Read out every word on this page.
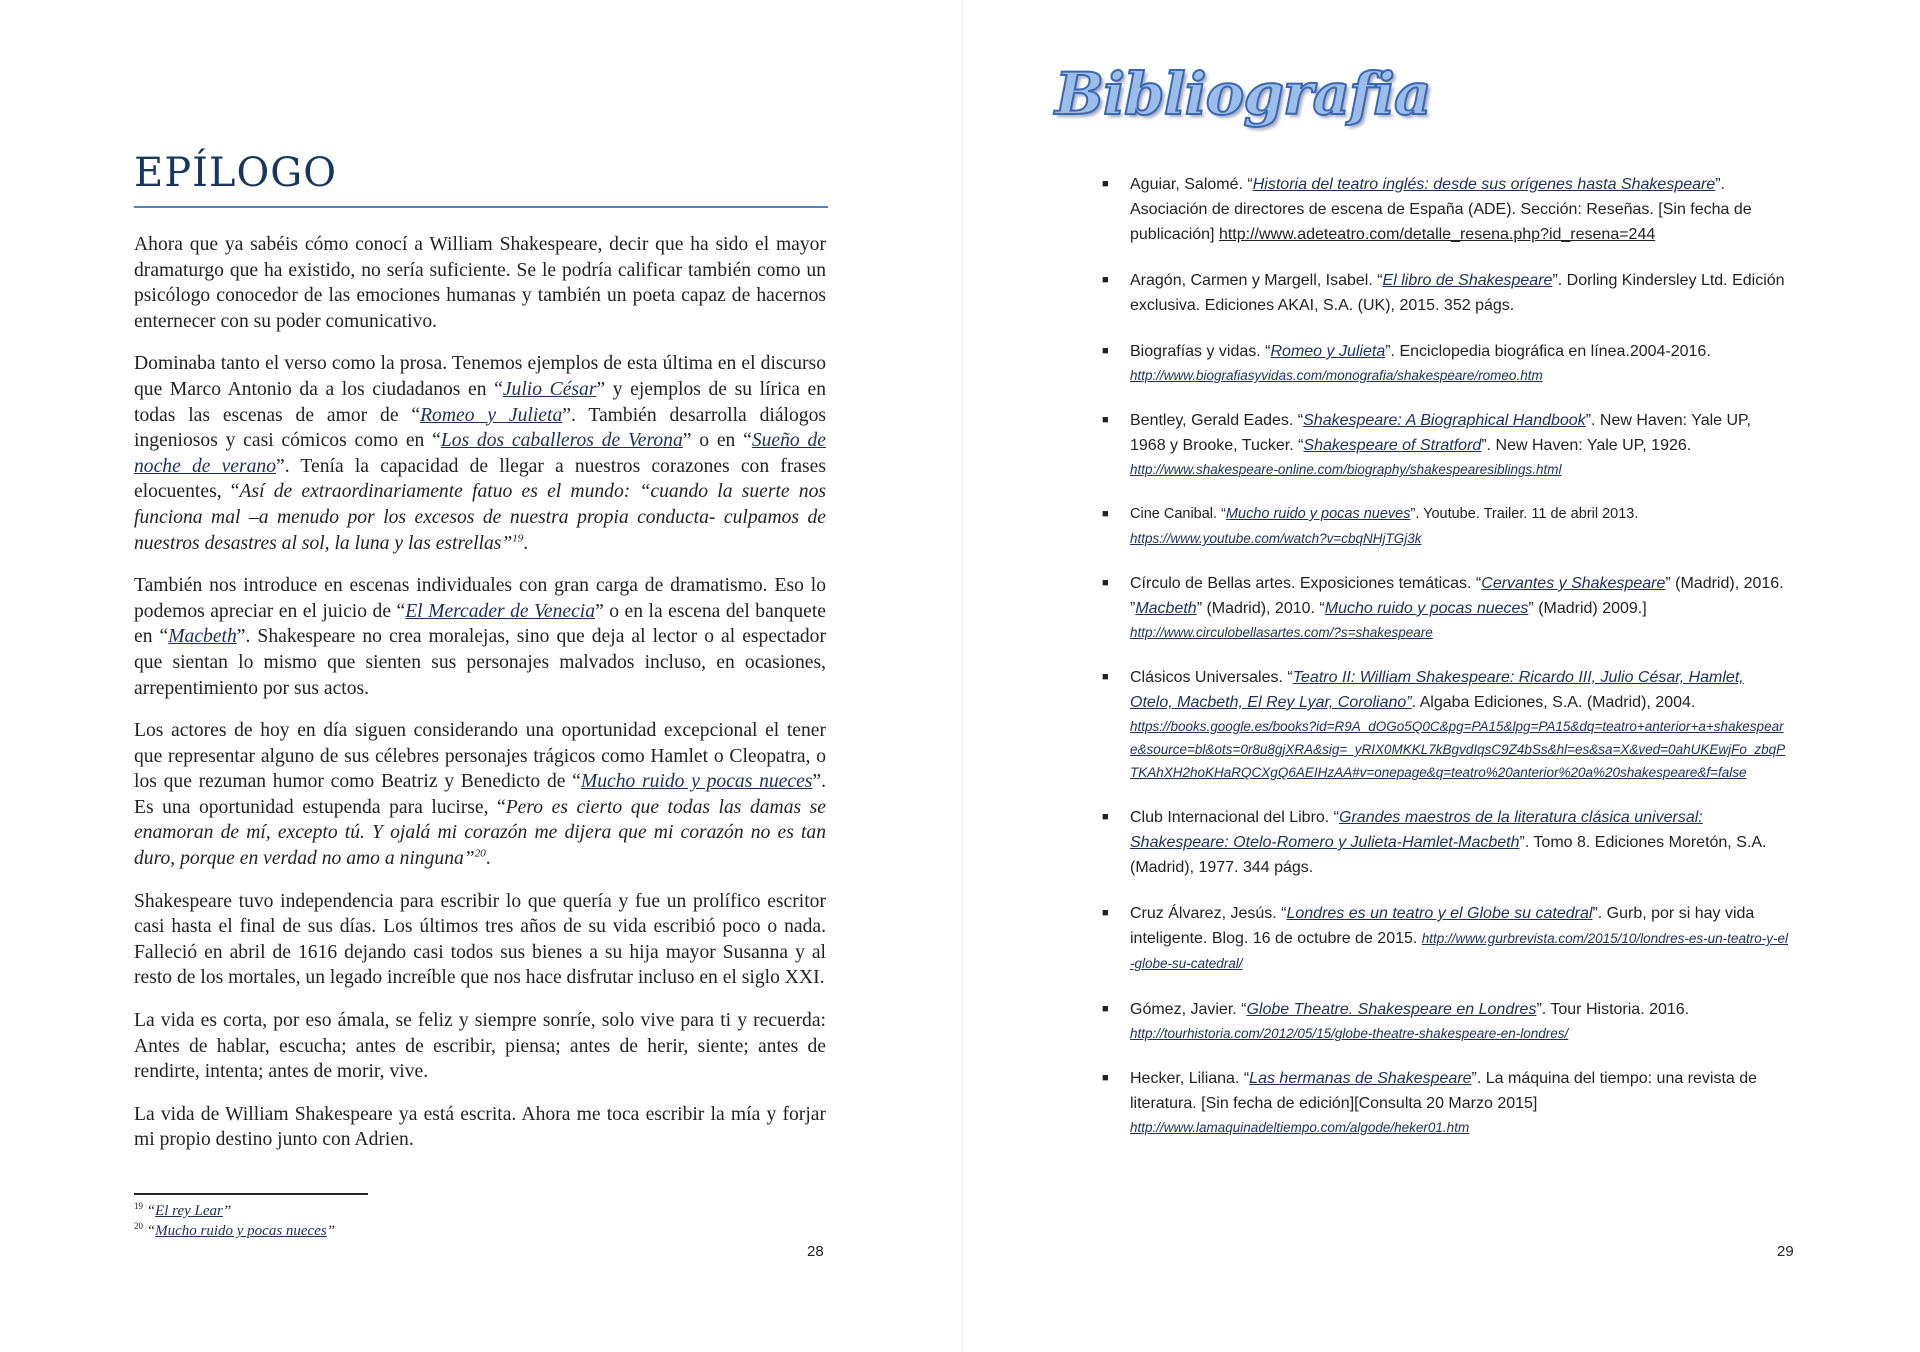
EPÍLOGO

Ahora que ya sabéis cómo conocí a William Shakespeare, decir que ha sido el mayor dramaturgo que ha existido, no sería suficiente. Se le podría calificar también como un psicólogo conocedor de las emociones humanas y también un poeta capaz de hacernos enternecer con su poder comunicativo.

Dominaba tanto el verso como la prosa. Tenemos ejemplos de esta última en el discurso que Marco Antonio da a los ciudadanos en “Julio César” y ejemplos de su lírica en todas las escenas de amor de “Romeo y Julieta”. También desarrolla diálogos ingeniosos y casi cómicos como en “Los dos caballeros de Verona” o en “Sueño de noche de verano”. Tenía la capacidad de llegar a nuestros corazones con frases elocuentes, “Así de extraordinariamente fatuo es el mundo: “cuando la suerte nos funciona mal –a menudo por los excesos de nuestra propia conducta- culpamos de nuestros desastres al sol, la luna y las estrellas”$^{19}$.

También nos introduce en escenas individuales con gran carga de dramatismo. Eso lo podemos apreciar en el juicio de “El Mercader de Venecia” o en la escena del banquete en “Macbeth”. Shakespeare no crea moralejas, sino que deja al lector o al espectador que sientan lo mismo que sienten sus personajes malvados incluso, en ocasiones, arrepentimiento por sus actos.

Los actores de hoy en día siguen considerando una oportunidad excepcional el tener que representar alguno de sus célebres personajes trágicos como Hamlet o Cleopatra, o los que rezuman humor como Beatriz y Benedicto de “Mucho ruido y pocas nueces”. Es una oportunidad estupenda para lucirse, “Pero es cierto que todas las damas se enamoran de mí, excepto tú. Y ojalá mi corazón me dijera que mi corazón no es tan duro, porque en verdad no amo a ninguna”$^{20}$.

Shakespeare tuvo independencia para escribir lo que quería y fue un prolífico escritor casi hasta el final de sus días. Los últimos tres años de su vida escribió poco o nada. Falleció en abril de 1616 dejando casi todos sus bienes a su hija mayor Susanna y al resto de los mortales, un legado increíble que nos hace disfrutar incluso en el siglo XXI.

La vida es corta, por eso ámala, se feliz y siempre sonríe, solo vive para ti y recuerda: Antes de hablar, escucha; antes de escribir, piensa; antes de herir, siente; antes de rendirte, intenta; antes de morir, vive.

La vida de William Shakespeare ya está escrita. Ahora me toca escribir la mía y forjar mi propio destino junto con Adrien.

$^{19}$ “El rey Lear”
$^{20}$ “Mucho ruido y pocas nueces”
28
Bibliografia
■ Aguiar, Salomé. “Historia del teatro inglés: desde sus orígenes hasta Shakespeare”. Asociación de directores de escena de España (ADE). Sección: Reseñas. [Sin fecha de publicación] http://www.adeteatro.com/detalle_resena.php?id_resena=244
■ Aragón, Carmen y Margell, Isabel. “El libro de Shakespeare”. Dorling Kindersley Ltd. Edición exclusiva. Ediciones AKAI, S.A. (UK), 2015. 352 págs.
■ Biografías y vidas. “Romeo y Julieta”. Enciclopedia biográfica en línea.2004-2016.
http://www.biografiasyvidas.com/monografia/shakespeare/romeo.htm
■ Bentley, Gerald Eades. “Shakespeare: A Biographical Handbook”. New Haven: Yale UP, 1968 y Brooke, Tucker. “Shakespeare of Stratford”. New Haven: Yale UP, 1926.
http://www.shakespeare-online.com/biography/shakespearesiblings.html
■ Cine Canibal. “Mucho ruido y pocas nueves”. Youtube. Trailer. 11 de abril 2013.
https://www.youtube.com/watch?v=cbqNHjTGj3k
■ Círculo de Bellas artes. Exposiciones temáticas. “Cervantes y Shakespeare” (Madrid), 2016. ”Macbeth” (Madrid), 2010. “Mucho ruido y pocas nueces” (Madrid) 2009.]
http://www.circulobellasartes.com/?s=shakespeare
■ Clásicos Universales. “Teatro II: William Shakespeare: Ricardo III, Julio César, Hamlet, Otelo, Macbeth, El Rey Lyar, Coroliano”. Algaba Ediciones, S.A. (Madrid), 2004.
https://books.google.es/books?id=R9A_dOGo5Q0C&pg=PA15&lpg=PA15&dq=teatro+anterior+a+shakespeare&source=bl&ots=0r8u8gjXRA&sig=_yRIX0MKKL7kBgvdIqsC9Z4bSs&hl=es&sa=X&ved=0ahUKEwjFo_zbqPTKAhXH2hoKHaRQCXgQ6AEIHzAA#v=onepage&q=teatro%20anterior%20a%20shakespeare&f=false
■ Club Internacional del Libro. “Grandes maestros de la literatura clásica universal: Shakespeare: Otelo-Romero y Julieta-Hamlet-Macbeth”. Tomo 8. Ediciones Moretón, S.A. (Madrid), 1977. 344 págs.
■ Cruz Álvarez, Jesús. “Londres es un teatro y el Globe su catedral”. Gurb, por si hay vida inteligente. Blog. 16 de octubre de 2015. http://www.gurbrevista.com/2015/10/londres-es-un-teatro-y-el-globe-su-catedral/
■ Gómez, Javier. “Globe Theatre. Shakespeare en Londres”. Tour Historia. 2016.
http://tourhistoria.com/2012/05/15/globe-theatre-shakespeare-en-londres/
■ Hecker, Liliana. “Las hermanas de Shakespeare”. La máquina del tiempo: una revista de literatura. [Sin fecha de edición][Consulta 20 Marzo 2015]
http://www.lamaquinadeltiempo.com/algode/heker01.htm
29
